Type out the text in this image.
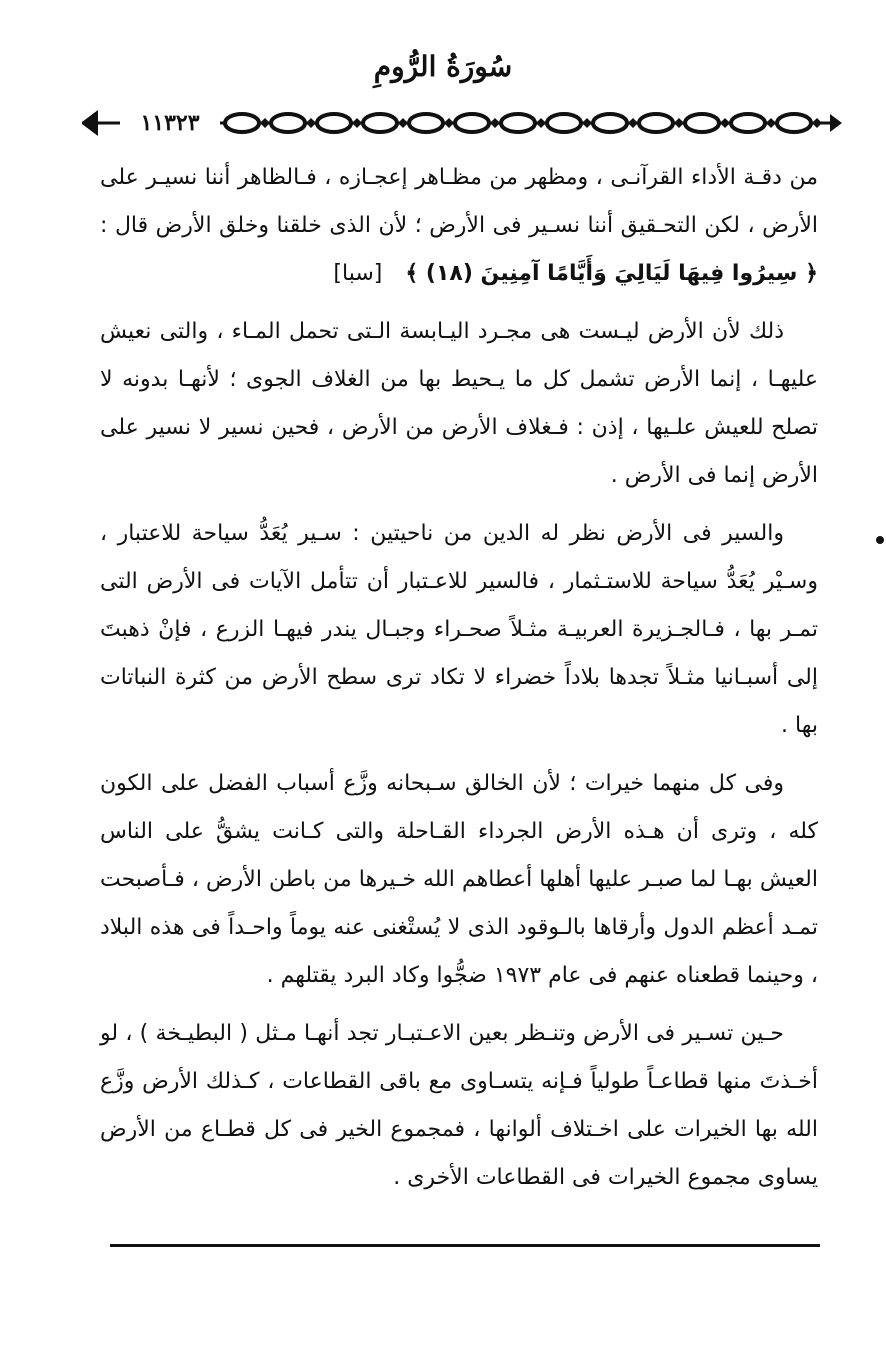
سُورَةُ الرُّومِ
١١٣٢٣

من دقـة الأداء القرآنـى ، ومظهر من مظـاهر إعجـازه ، فـالظاهر أننا نسيـر على الأرض ، لكن التحـقيق أننا نسـير فى الأرض ؛ لأن الذى خلقنا وخلق الأرض قال : ﴿ سِيرُوا فِيهَا لَيَالِيَ وَأَيَّامًا آمِنِينَ (١٨) ﴾ [سبا]

ذلك لأن الأرض ليـست هى مجـرد اليـابسة الـتى تحمل المـاء ، والتى نعيش عليهـا ، إنما الأرض تشمل كل ما يـحيط بها من الغلاف الجوى ؛ لأنهـا بدونه لا تصلح للعيش علـيها ، إذن : فـغلاف الأرض من الأرض ، فحين نسير لا نسير على الأرض إنما فى الأرض .

والسير فى الأرض نظر له الدين من ناحيتين : سـير يُعَدُّ سياحة للاعتبار ، وسـيْر يُعَدُّ سياحة للاستـثمار ، فالسير للاعـتبار أن تتأمل الآيات فى الأرض التى تمـر بها ، فـالجـزيرة العربيـة مثـلاً صحـراء وجبـال يندر فيهـا الزرع ، فإنْ ذهبتَ إلى أسبـانيا مثـلاً تجدها بلاداً خضراء لا تكاد ترى سطح الأرض من كثرة النباتات بها .

وفى كل منهما خيرات ؛ لأن الخالق سـبحانه وزَّع أسباب الفضل على الكون كله ، وترى أن هـذه الأرض الجرداء القـاحلة والتى كـانت يشقُّ على الناس العيش بهـا لما صبـر عليها أهلها أعطاهم الله خـيرها من باطن الأرض ، فـأصبحت تمـد أعظم الدول وأرقاها بالـوقود الذى لا يُستْغنى عنه يوماً واحـداً فى هذه البلاد ، وحينما قطعناه عنهم فى عام ١٩٧٣ ضجُّوا وكاد البرد يقتلهم .

حـين تسـير فى الأرض وتنـظر بعين الاعـتبـار تجد أنهـا مـثل ( البطيـخة ) ، لو أخـذتَ منها قطاعـاً طولياً فـإنه يتسـاوى مع باقى القطاعات ، كـذلك الأرض وزَّع الله بها الخيرات على اخـتلاف ألوانها ، فمجموع الخير فى كل قطـاع من الأرض يساوى مجموع الخيرات فى القطاعات الأخرى .
